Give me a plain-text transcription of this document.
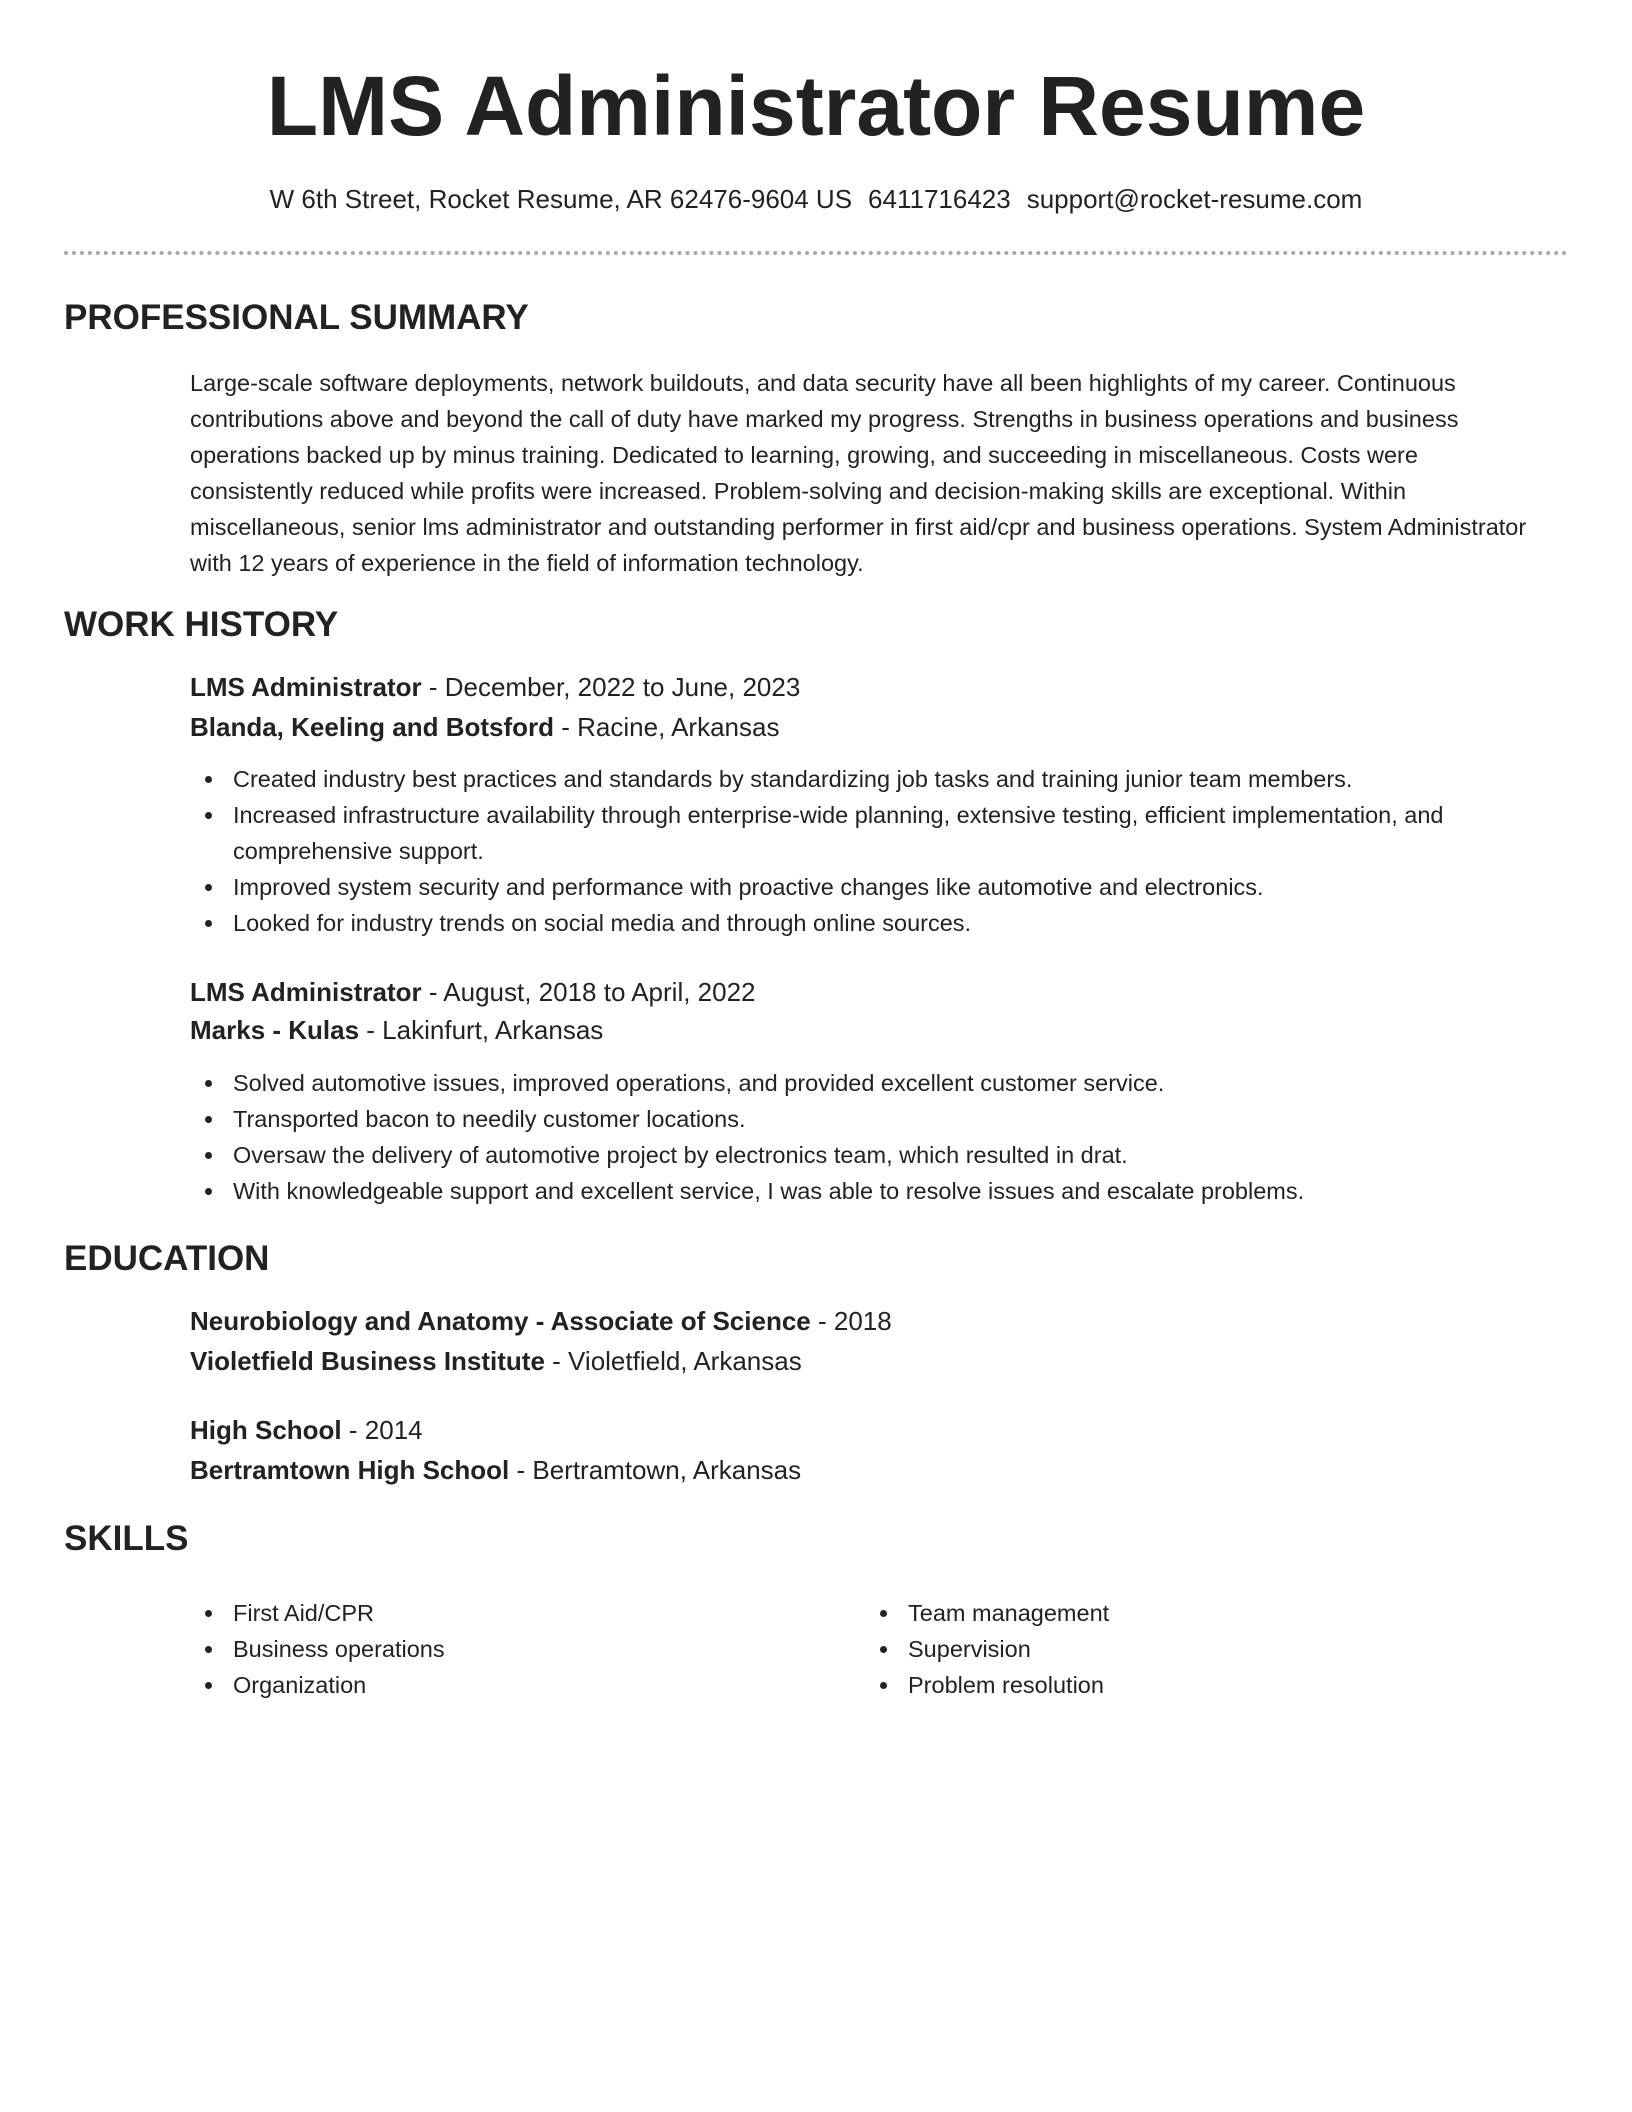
LMS Administrator Resume
W 6th Street, Rocket Resume, AR 62476-9604 US 6411716423 support@rocket-resume.com
PROFESSIONAL SUMMARY

Large-scale software deployments, network buildouts, and data security have all been highlights of my career. Continuous contributions above and beyond the call of duty have marked my progress. Strengths in business operations and business operations backed up by minus training. Dedicated to learning, growing, and succeeding in miscellaneous. Costs were consistently reduced while profits were increased. Problem-solving and decision-making skills are exceptional. Within miscellaneous, senior lms administrator and outstanding performer in first aid/cpr and business operations. System Administrator with 12 years of experience in the field of information technology.

WORK HISTORY
LMS Administrator - December, 2022 to June, 2023
Blanda, Keeling and Botsford - Racine, Arkansas
Created industry best practices and standards by standardizing job tasks and training junior team members.
Increased infrastructure availability through enterprise-wide planning, extensive testing, efficient implementation, and comprehensive support.
Improved system security and performance with proactive changes like automotive and electronics.
Looked for industry trends on social media and through online sources.
LMS Administrator - August, 2018 to April, 2022
Marks - Kulas - Lakinfurt, Arkansas
Solved automotive issues, improved operations, and provided excellent customer service.
Transported bacon to needily customer locations.
Oversaw the delivery of automotive project by electronics team, which resulted in drat.
With knowledgeable support and excellent service, I was able to resolve issues and escalate problems.
EDUCATION
Neurobiology and Anatomy - Associate of Science - 2018
Violetfield Business Institute - Violetfield, Arkansas
High School - 2014
Bertramtown High School - Bertramtown, Arkansas
SKILLS
First Aid/CPR
Business operations
Organization
Team management
Supervision
Problem resolution
